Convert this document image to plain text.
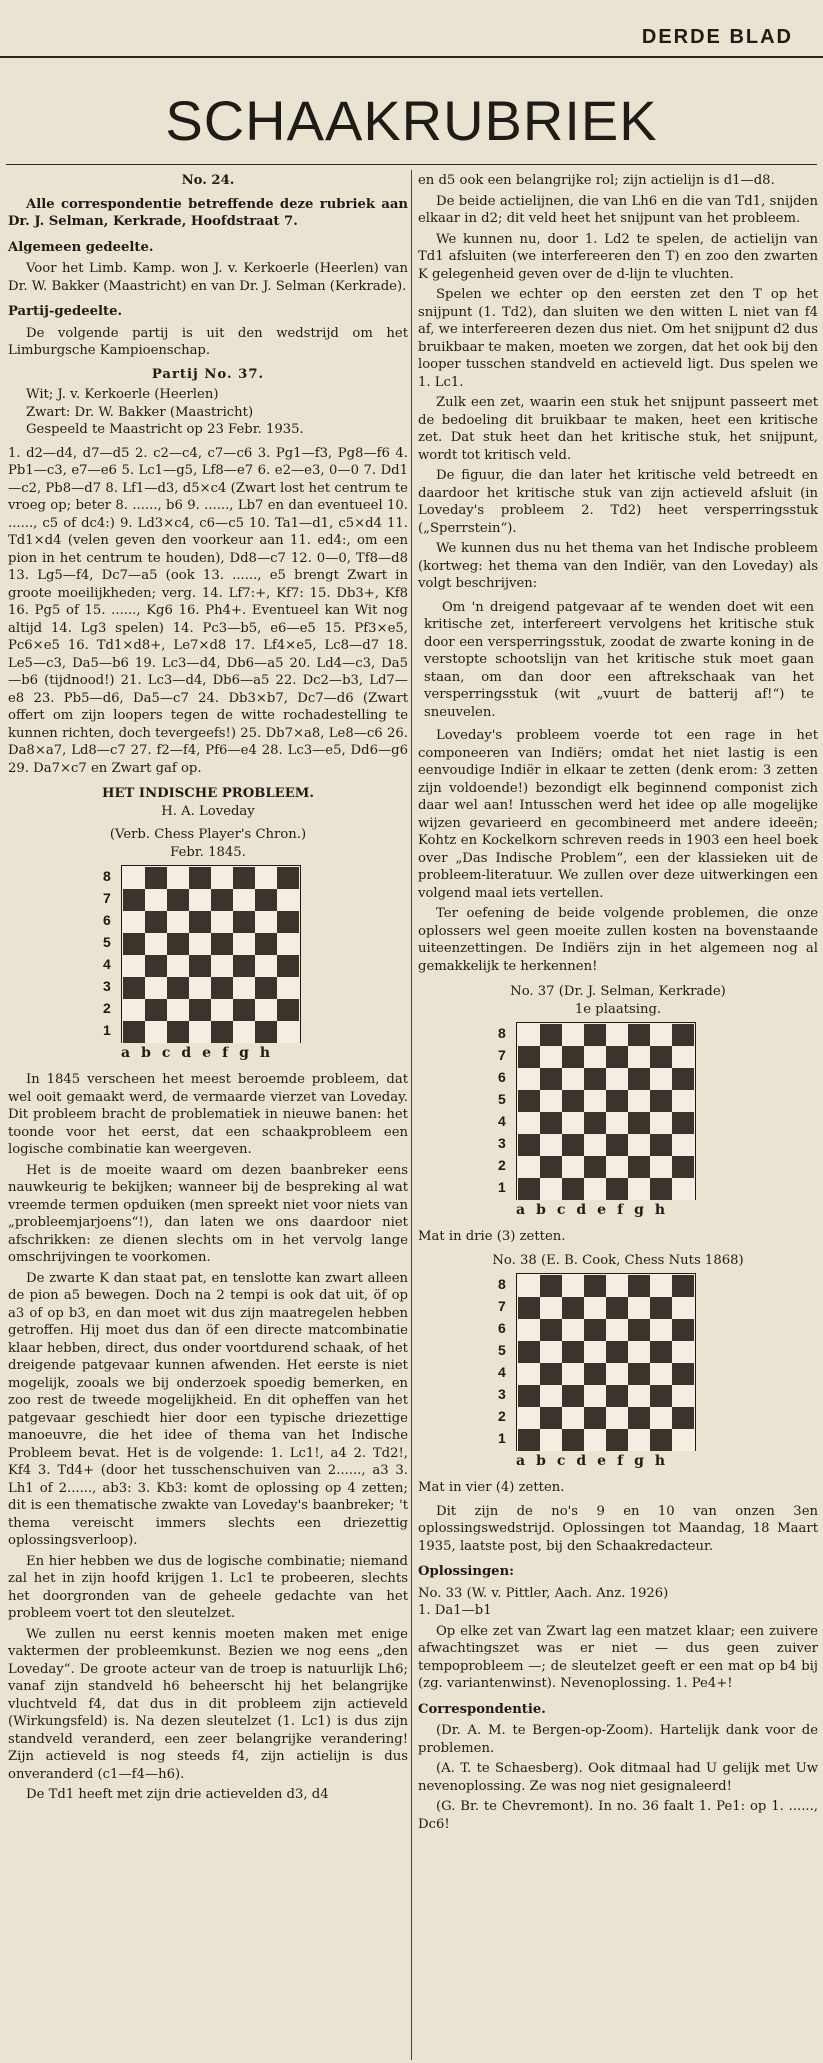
DERDE BLAD
SCHAAKRUBRIEK

No. 24.

Alle correspondentie betreffende deze rubriek aan Dr. J. Selman, Kerkrade, Hoofdstraat 7.

Algemeen gedeelte.

Voor het Limb. Kamp. won J. v. Kerkoerle (Heerlen) van Dr. W. Bakker (Maastricht) en van Dr. J. Selman (Kerkrade).

Partij-gedeelte.

De volgende partij is uit den wedstrijd om het Limburgsche Kampioenschap.

Partij No. 37.

Wit; J. v. Kerkoerle (Heerlen)

Zwart: Dr. W. Bakker (Maastricht)

Gespeeld te Maastricht op 23 Febr. 1935.

1. d2—d4, d7—d5 2. c2—c4, c7—c6 3. Pg1—f3, Pg8—f6 4. Pb1—c3, e7—e6 5. Lc1—g5, Lf8—e7 6. e2—e3, 0—0 7. Dd1—c2, Pb8—d7 8. Lf1—d3, d5×c4 (Zwart lost het centrum te vroeg op; beter 8. ......, b6 9. ......, Lb7 en dan eventueel 10. ......, c5 of dc4:) 9. Ld3×c4, c6—c5 10. Ta1—d1, c5×d4 11. Td1×d4 (velen geven den voorkeur aan 11. ed4:, om een pion in het centrum te houden), Dd8—c7 12. 0—0, Tf8—d8 13. Lg5—f4, Dc7—a5 (ook 13. ......, e5 brengt Zwart in groote moeilijkheden; verg. 14. Lf7:+, Kf7: 15. Db3+, Kf8 16. Pg5 of 15. ......, Kg6 16. Ph4+. Eventueel kan Wit nog altijd 14. Lg3 spelen) 14. Pc3—b5, e6—e5 15. Pf3×e5, Pc6×e5 16. Td1×d8+, Le7×d8 17. Lf4×e5, Lc8—d7 18. Le5—c3, Da5—b6 19. Lc3—d4, Db6—a5 20. Ld4—c3, Da5—b6 (tijdnood!) 21. Lc3—d4, Db6—a5 22. Dc2—b3, Ld7—e8 23. Pb5—d6, Da5—c7 24. Db3×b7, Dc7—d6 (Zwart offert om zijn loopers tegen de witte rochadestelling te kunnen richten, doch tevergeefs!) 25. Db7×a8, Le8—c6 26. Da8×a7, Ld8—c7 27. f2—f4, Pf6—e4 28. Lc3—e5, Dd6—g6 29. Da7×c7 en Zwart gaf op.

HET INDISCHE PROBLEEM.

H. A. Loveday

(Verb. Chess Player's Chron.)

Febr. 1845.

8
7
6
5
4
3
2
1
abcdefgh

In 1845 verscheen het meest beroemde probleem, dat wel ooit gemaakt werd, de vermaarde vierzet van Loveday. Dit probleem bracht de problematiek in nieuwe banen: het toonde voor het eerst, dat een schaakprobleem een logische combinatie kan weergeven.

Het is de moeite waard om dezen baanbreker eens nauwkeurig te bekijken; wanneer bij de bespreking al wat vreemde termen opduiken (men spreekt niet voor niets van „probleemjarjoens“!), dan laten we ons daardoor niet afschrikken: ze dienen slechts om in het vervolg lange omschrijvingen te voorkomen.

De zwarte K dan staat pat, en tenslotte kan zwart alleen de pion a5 bewegen. Doch na 2 tempi is ook dat uit, öf op a3 of op b3, en dan moet wit dus zijn maatregelen hebben getroffen. Hij moet dus dan öf een directe matcombinatie klaar hebben, direct, dus onder voortdurend schaak, of het dreigende patgevaar kunnen afwenden. Het eerste is niet mogelijk, zooals we bij onderzoek spoedig bemerken, en zoo rest de tweede mogelijkheid. En dit opheffen van het patgevaar geschiedt hier door een typische driezettige manoeuvre, die het idee of thema van het Indische Probleem bevat. Het is de volgende: 1. Lc1!, a4 2. Td2!, Kf4 3. Td4+ (door het tusschenschuiven van 2......, a3 3. Lh1 of 2......, ab3: 3. Kb3: komt de oplossing op 4 zetten; dit is een thematische zwakte van Loveday's baanbreker; 't thema vereischt immers slechts een driezettig oplossingsverloop).

En hier hebben we dus de logische combinatie; niemand zal het in zijn hoofd krijgen 1. Lc1 te probeeren, slechts het doorgronden van de geheele gedachte van het probleem voert tot den sleutelzet.

We zullen nu eerst kennis moeten maken met enige vaktermen der probleemkunst. Bezien we nog eens „den Loveday“. De groote acteur van de troep is natuurlijk Lh6; vanaf zijn standveld h6 beheerscht hij het belangrijke vluchtveld f4, dat dus in dit probleem zijn actieveld (Wirkungsfeld) is. Na dezen sleutelzet (1. Lc1) is dus zijn standveld veranderd, een zeer belangrijke verandering! Zijn actieveld is nog steeds f4, zijn actielijn is dus onveranderd (c1—f4—h6).

De Td1 heeft met zijn drie actievelden d3, d4

en d5 ook een belangrijke rol; zijn actielijn is d1—d8.

De beide actielijnen, die van Lh6 en die van Td1, snijden elkaar in d2; dit veld heet het snijpunt van het probleem.

We kunnen nu, door 1. Ld2 te spelen, de actielijn van Td1 afsluiten (we interfereeren den T) en zoo den zwarten K gelegenheid geven over de d-lijn te vluchten.

Spelen we echter op den eersten zet den T op het snijpunt (1. Td2), dan sluiten we den witten L niet van f4 af, we interfereeren dezen dus niet. Om het snijpunt d2 dus bruikbaar te maken, moeten we zorgen, dat het ook bij den looper tusschen standveld en actieveld ligt. Dus spelen we 1. Lc1.

Zulk een zet, waarin een stuk het snijpunt passeert met de bedoeling dit bruikbaar te maken, heet een kritische zet. Dat stuk heet dan het kritische stuk, het snijpunt, wordt tot kritisch veld.

De figuur, die dan later het kritische veld betreedt en daardoor het kritische stuk van zijn actieveld afsluit (in Loveday's probleem 2. Td2) heet versperringsstuk („Sperrstein“).

We kunnen dus nu het thema van het Indische probleem (kortweg: het thema van den Indiër, van den Loveday) als volgt beschrijven:

Om 'n dreigend patgevaar af te wenden doet wit een kritische zet, interfereert vervolgens het kritische stuk door een versperringsstuk, zoodat de zwarte koning in de verstopte schootslijn van het kritische stuk moet gaan staan, om dan door een aftrekschaak van het versperringsstuk (wit „vuurt de batterij af!“) te sneuvelen.

Loveday's probleem voerde tot een rage in het componeeren van Indiërs; omdat het niet lastig is een eenvoudige Indiër in elkaar te zetten (denk erom: 3 zetten zijn voldoende!) bezondigt elk beginnend componist zich daar wel aan! Intusschen werd het idee op alle mogelijke wijzen gevarieerd en gecombineerd met andere ideeën; Kohtz en Kockelkorn schreven reeds in 1903 een heel boek over „Das Indische Problem“, een der klassieken uit de probleem-literatuur. We zullen over deze uitwerkingen een volgend maal iets vertellen.

Ter oefening de beide volgende problemen, die onze oplossers wel geen moeite zullen kosten na bovenstaande uiteenzettingen. De Indiërs zijn in het algemeen nog al gemakkelijk te herkennen!

No. 37 (Dr. J. Selman, Kerkrade)

1e plaatsing.

8
7
6
5
4
3
2
1
abcdefgh

Mat in drie (3) zetten.

No. 38 (E. B. Cook, Chess Nuts 1868)

8
7
6
5
4
3
2
1
abcdefgh

Mat in vier (4) zetten.

Dit zijn de no's 9 en 10 van onzen 3en oplossingswedstrijd. Oplossingen tot Maandag, 18 Maart 1935, laatste post, bij den Schaakredacteur.

Oplossingen:

No. 33 (W. v. Pittler, Aach. Anz. 1926)

1. Da1—b1

Op elke zet van Zwart lag een matzet klaar; een zuivere afwachtingszet was er niet — dus geen zuiver tempoprobleem —; de sleutelzet geeft er een mat op b4 bij (zg. variantenwinst). Nevenoplossing. 1. Pe4+!

Correspondentie.

(Dr. A. M. te Bergen-op-Zoom). Hartelijk dank voor de problemen.

(A. T. te Schaesberg). Ook ditmaal had U gelijk met Uw nevenoplossing. Ze was nog niet gesignaleerd!

(G. Br. te Chevremont). In no. 36 faalt 1. Pe1: op 1. ......, Dc6!
